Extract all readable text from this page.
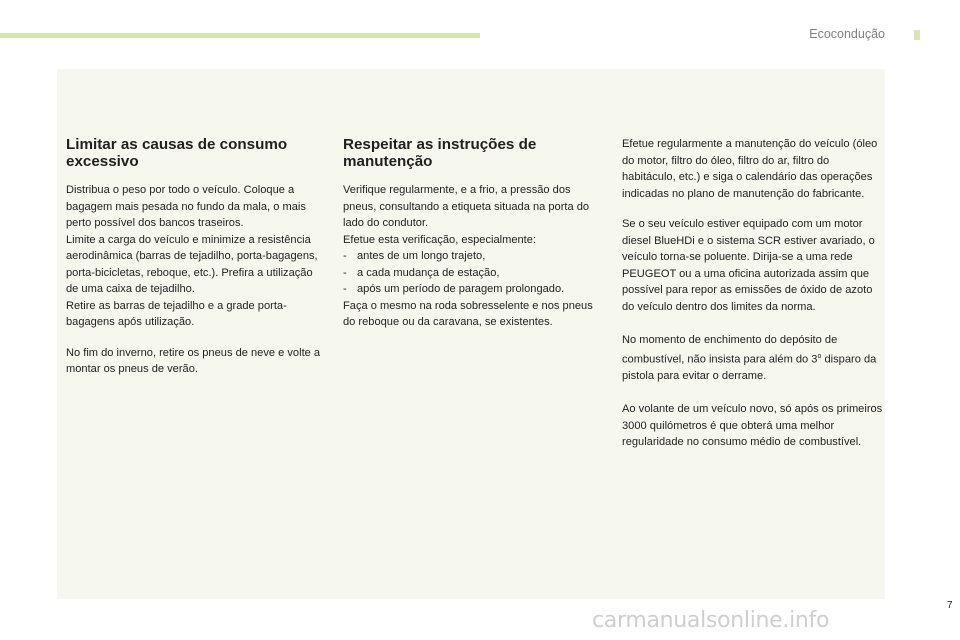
Ecocondução
Limitar as causas de consumo excessivo

Distribua o peso por todo o veículo. Coloque a bagagem mais pesada no fundo da mala, o mais perto possível dos bancos traseiros.

Limite a carga do veículo e minimize a resistência aerodinâmica (barras de tejadilho, porta-bagagens, porta-bicicletas, reboque, etc.). Prefira a utilização de uma caixa de tejadilho.

Retire as barras de tejadilho e a grade porta-bagagens após utilização.

No fim do inverno, retire os pneus de neve e volte a montar os pneus de verão.

Respeitar as instruções de manutenção

Verifique regularmente, e a frio, a pressão dos pneus, consultando a etiqueta situada na porta do lado do condutor.

Efetue esta verificação, especialmente:

- antes de um longo trajeto,

- a cada mudança de estação,

- após um período de paragem prolongado.

Faça o mesmo na roda sobresselente e nos pneus do reboque ou da caravana, se existentes.

Efetue regularmente a manutenção do veículo (óleo do motor, filtro do óleo, filtro do ar, filtro do habitáculo, etc.) e siga o calendário das operações indicadas no plano de manutenção do fabricante.

Se o seu veículo estiver equipado com um motor diesel BlueHDi e o sistema SCR estiver avariado, o veículo torna-se poluente. Dirija-se a uma rede PEUGEOT ou a uma oficina autorizada assim que possível para repor as emissões de óxido de azoto do veículo dentro dos limites da norma.

No momento de enchimento do depósito de combustível, não insista para além do 3$^o$ disparo da pistola para evitar o derrame.

Ao volante de um veículo novo, só após os primeiros 3000 quilómetros é que obterá uma melhor regularidade no consumo médio de combustível.

carmanualsonline.info
7
